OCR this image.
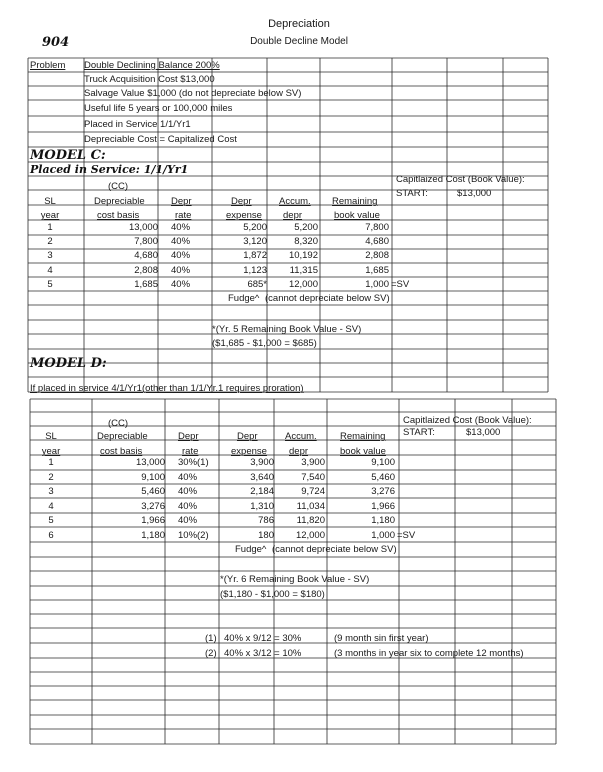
Depreciation
Double Decline Model
904
Problem Double Declining Balance 200%
Truck Acquisition Cost $13,000
Salvage Value $1,000 (do not depreciate below SV)
Useful life 5 years or 100,000 miles
Placed in Service 1/1/Yr1
Depreciable Cost = Capitalized Cost
MODEL C:
Placed in Service: 1/1/Yr1
Capitlaized Cost (Book Value):
START:	$13,000
(CC)
SL
year
Depreciable
cost basis
Depr
rate
Depr
expense
Accum.
depr
Remaining
book value
1	13,000 40%	5,200	5,200	7,800
2	7,800 40%	3,120	8,320	4,680
3	4,680 40%	1,872	10,192	2,808
4	2,808 40%	1,123	11,315	1,685
5	1,685 40%	685*	12,000	1,000 =SV
Fudge^ (cannot depreciate below SV)
*(Yr. 5 Remaining Book Value - SV)
($1,685 - $1,000 = $685)
MODEL D:
If placed in service 4/1/Yr1(other than 1/1/Yr.1 requires proration)
Capitlaized Cost (Book Value):
START:	$13,000
(CC)
SL
year
Depreciable
cost basis
Depr
rate
Depr
expense
Accum.
depr
Remaining
book value
1	13,000 30%(1)	3,900	3,900	9,100
2	9,100 40%	3,640	7,540	5,460
3	5,460 40%	2,184	9,724	3,276
4	3,276 40%	1,310	11,034	1,966
5	1,966 40%	786	11,820	1,180
6	1,180 10%(2)	180	12,000	1,000 =SV
Fudge^ (cannot depreciate below SV)
*(Yr. 6 Remaining Book Value - SV)
($1,180 - $1,000 = $180)
(1) 40% x 9/12 = 30%	(9 month sin first year)
(2) 40% x 3/12 = 10%	(3 months in year six to complete 12 months)
